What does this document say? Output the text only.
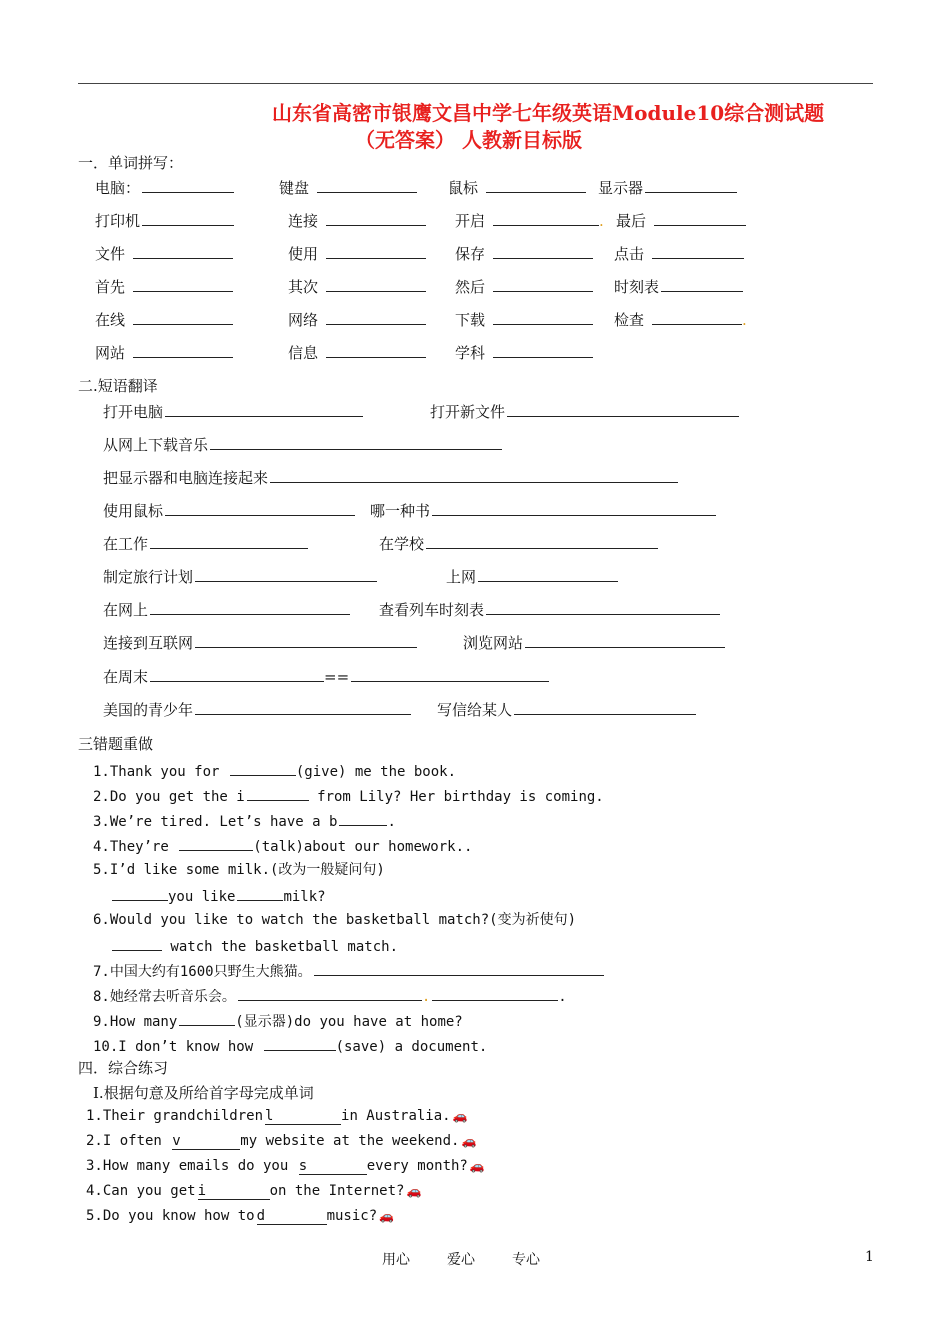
山东省高密市银鹰文昌中学七年级英语Module10综合测试题
（无答案） 人教新目标版
一．单词拼写：
电脑：	键盘	鼠标	显示器
打印机	连接	开启	. 最后
文件	使用	保存	点击
首先	其次	然后	时刻表
在线	网络	下载	检查	.
网站	信息	学科
二.短语翻译
打开电脑	打开新文件
从网上下载音乐
把显示器和电脑连接起来
使用鼠标	哪一种书
在工作	在学校
制定旅行计划	上网
在网上	查看列车时刻表
连接到互联网	浏览网站
在周末	==
美国的青少年	写信给某人
三错题重做
1.Thank you for	(give) me the book.
2.Do you get the i	from Lily? Her birthday is coming.
3.We’re tired. Let’s have a b	.
4.They’re	(talk)about our homework..
5.I’d like some milk.(改为一般疑问句)
you like	milk?
6.Would you like to watch the basketball match?(变为祈使句)
watch the basketball match.
7.中国大约有1600只野生大熊猫。
8.她经常去听音乐会。	.	.
9.How many	(显示器)do you have at home?
10.I don’t know how	(save) a document.
四．综合练习
Ⅰ.根据句意及所给首字母完成单词
1.Their grandchildren l	in Australia. 🚗
2.I often v	my website at the weekend. 🚗
3.How many emails do you s	every month? 🚗
4.Can you get i	on the Internet? 🚗
5.Do you know how to d	music? 🚗
用心	爱心	专心	1
